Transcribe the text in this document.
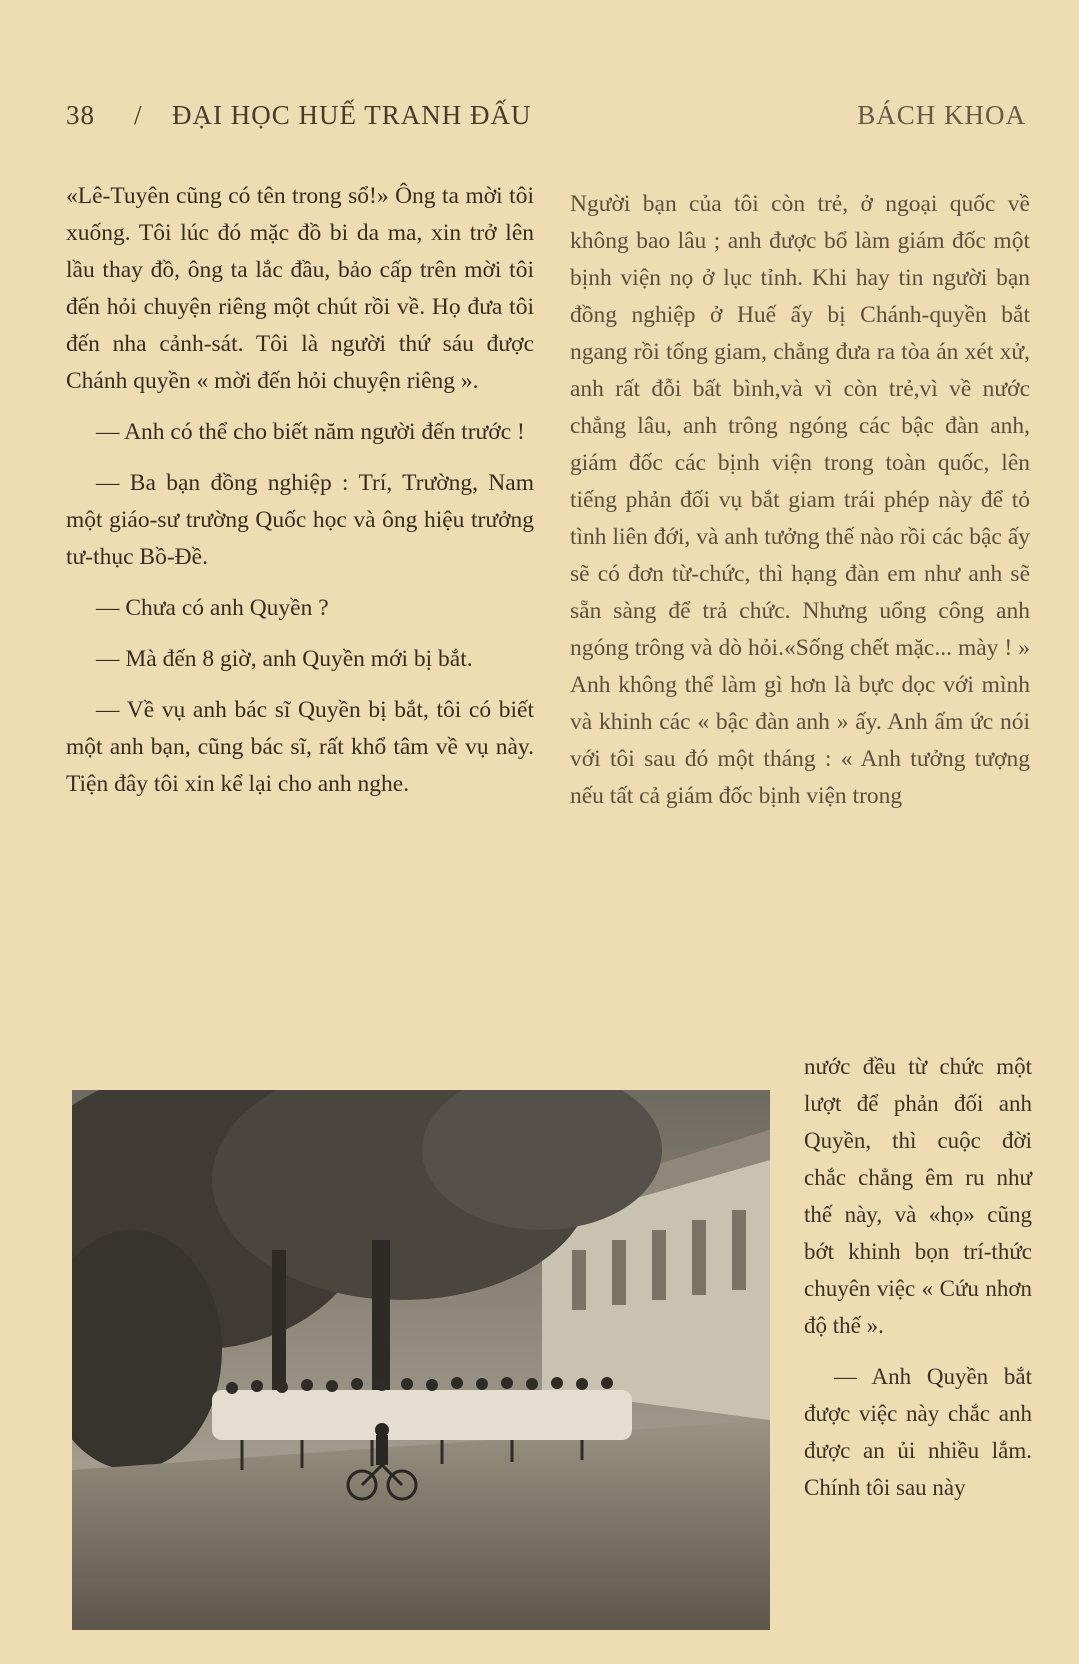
38 / ĐẠI HỌC HUẾ TRANH ĐẤU	BÁCH KHOA

«Lê-Tuyên cũng có tên trong sổ!» Ông ta mời tôi xuống. Tôi lúc đó mặc đồ bi da ma, xin trở lên lầu thay đồ, ông ta lắc đầu, bảo cấp trên mời tôi đến hỏi chuyện riêng một chút rồi về. Họ đưa tôi đến nha cảnh-sát. Tôi là người thứ sáu được Chánh quyền « mời đến hỏi chuyện riêng ».

— Anh có thể cho biết năm người đến trước !

— Ba bạn đồng nghiệp : Trí, Trường, Nam một giáo-sư trường Quốc học và ông hiệu trưởng tư-thục Bồ-Đề.

— Chưa có anh Quyền ?

— Mà đến 8 giờ, anh Quyền mới bị bắt.

— Về vụ anh bác sĩ Quyền bị bắt, tôi có biết một anh bạn, cũng bác sĩ, rất khổ tâm về vụ này. Tiện đây tôi xin kể lại cho anh nghe.

Người bạn của tôi còn trẻ, ở ngoại quốc về không bao lâu ; anh được bổ làm giám đốc một bịnh viện nọ ở lục tỉnh. Khi hay tin người bạn đồng nghiệp ở Huế ấy bị Chánh-quyền bắt ngang rồi tống giam, chẳng đưa ra tòa án xét xử, anh rất đỗi bất bình,và vì còn trẻ,vì về nước chẳng lâu, anh trông ngóng các bậc đàn anh, giám đốc các bịnh viện trong toàn quốc, lên tiếng phản đối vụ bắt giam trái phép này để tỏ tình liên đới, và anh tưởng thế nào rồi các bậc ấy sẽ có đơn từ-chức, thì hạng đàn em như anh sẽ sẵn sàng để trả chức. Nhưng uổng công anh ngóng trông và dò hỏi.«Sống chết mặc... mày ! » Anh không thể làm gì hơn là bực dọc với mình và khinh các « bậc đàn anh » ấy. Anh ấm ức nói với tôi sau đó một tháng : « Anh tưởng tượng nếu tất cả giám đốc bịnh viện trong

nước đều từ chức một lượt để phản đối anh Quyền, thì cuộc đời chắc chẳng êm ru như thế này, và «họ» cũng bớt khinh bọn trí-thức chuyên việc « Cứu nhơn độ thế ».

— Anh Quyền bắt được việc này chắc anh được an ủi nhiều lắm. Chính tôi sau này
